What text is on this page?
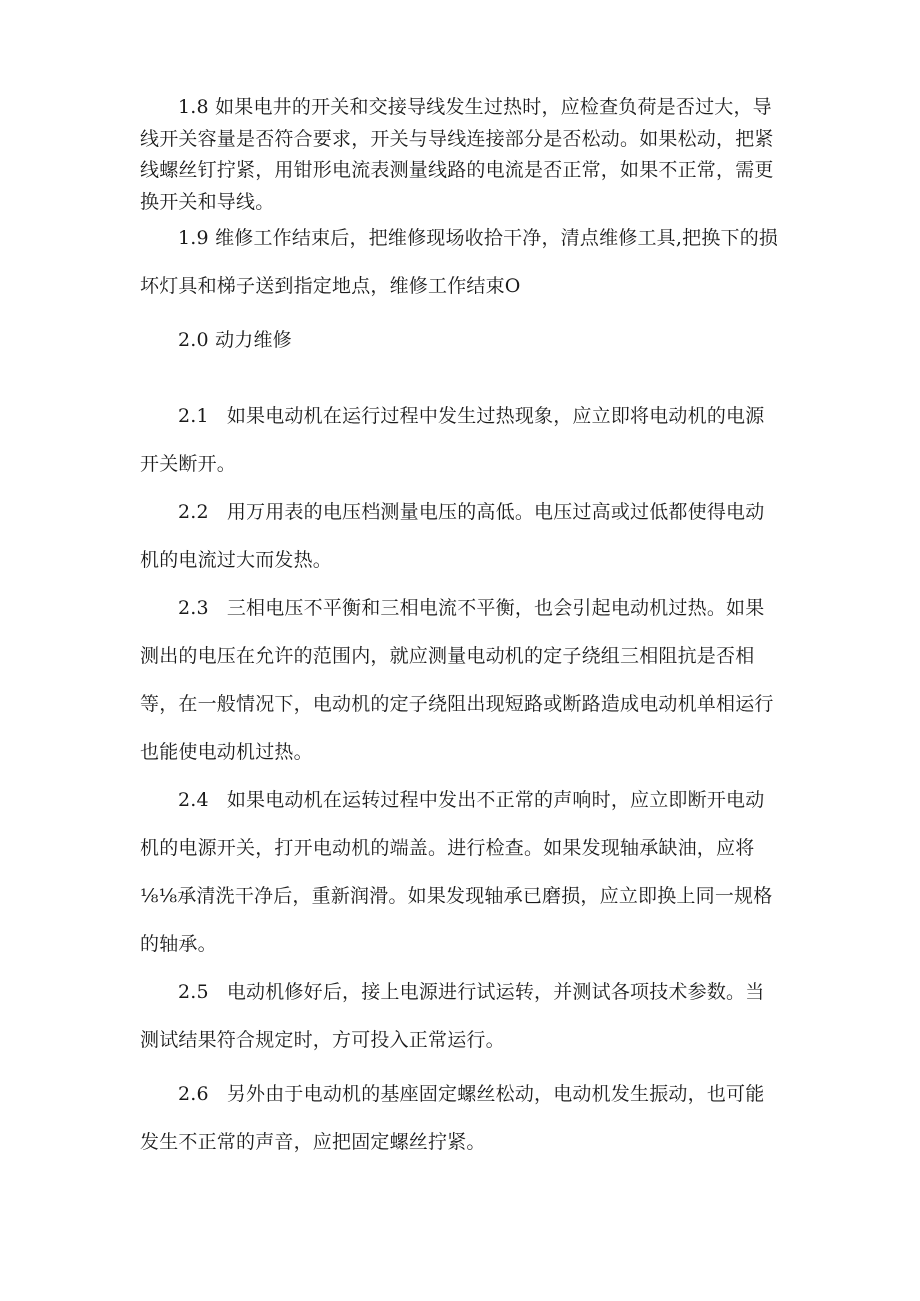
1.8 如果电井的开关和交接导线发生过热时，应检查负荷是否过大，导线开关容量是否符合要求，开关与导线连接部分是否松动。如果松动，把紧线螺丝钉拧紧，用钳形电流表测量线路的电流是否正常，如果不正常，需更换开关和导线。

1.9 维修工作结束后，把维修现场收拾干净，清点维修工具,把换下的损坏灯具和梯子送到指定地点，维修工作结束O

2.0 动力维修

2.1 如果电动机在运行过程中发生过热现象，应立即将电动机的电源开关断开。

2.2 用万用表的电压档测量电压的高低。电压过高或过低都使得电动机的电流过大而发热。

2.3 三相电压不平衡和三相电流不平衡，也会引起电动机过热。如果测出的电压在允许的范围内，就应测量电动机的定子绕组三相阻抗是否相等，在一般情况下，电动机的定子绕阻出现短路或断路造成电动机单相运行也能使电动机过热。

2.4 如果电动机在运转过程中发出不正常的声响时，应立即断开电动机的电源开关，打开电动机的端盖。进行检查。如果发现轴承缺油，应将⅛⅛承清洗干净后，重新润滑。如果发现轴承已磨损，应立即换上同一规格的轴承。

2.5 电动机修好后，接上电源进行试运转，并测试各项技术参数。当测试结果符合规定时，方可投入正常运行。

2.6 另外由于电动机的基座固定螺丝松动，电动机发生振动，也可能发生不正常的声音，应把固定螺丝拧紧。
